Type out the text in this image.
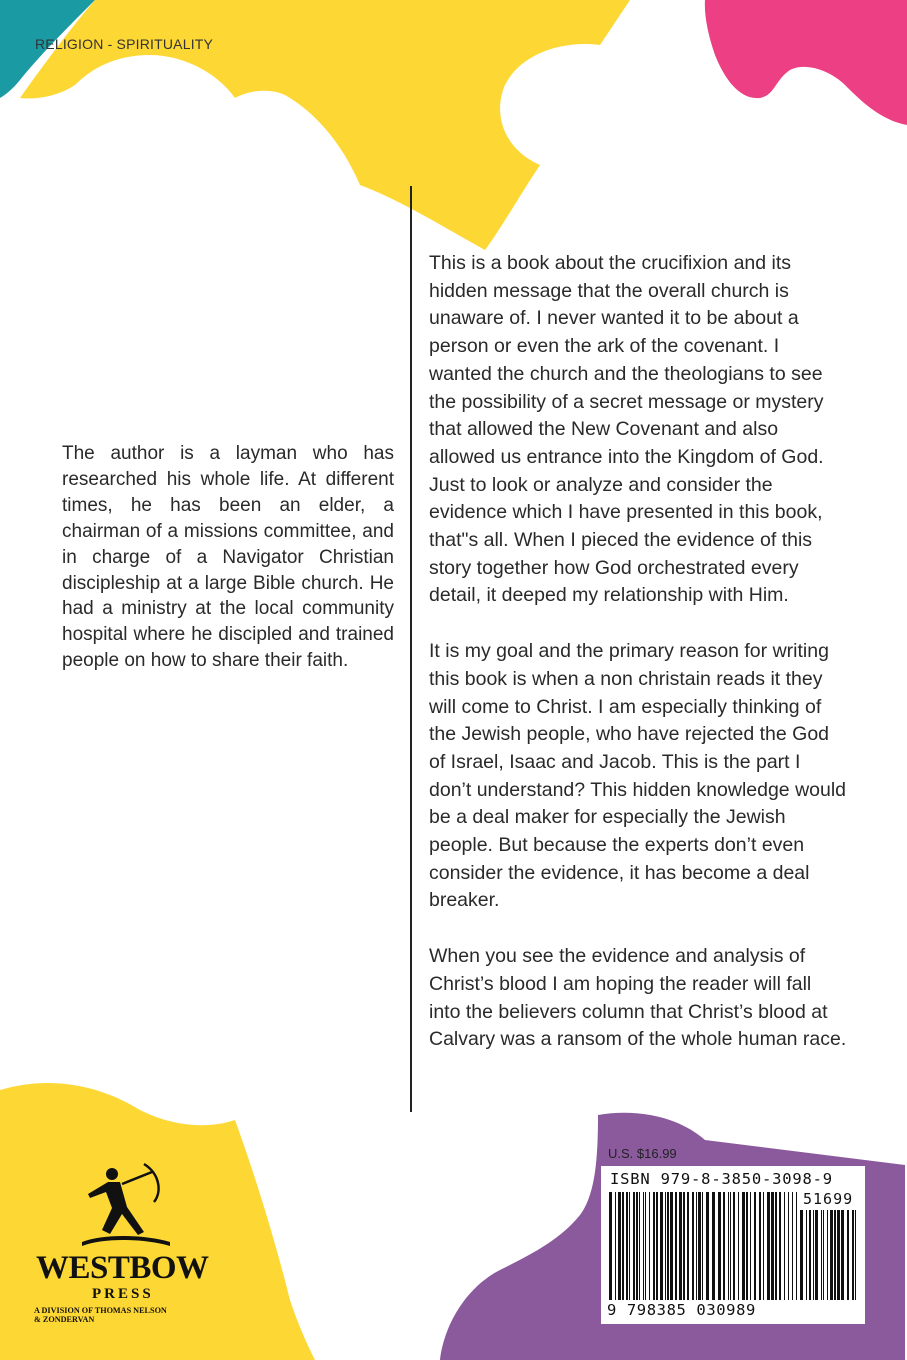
RELIGION - SPIRITUALITY

The author is a layman who has researched his whole life. At different times, he has been an elder, a chairman of a missions committee, and in charge of a Navigator Christian discipleship at a large Bible church. He had a ministry at the local community hospital where he discipled and trained people on how to share their faith.

This is a book about the crucifixion and its hidden message that the overall church is unaware of. I never wanted it to be about a person or even the ark of the covenant. I wanted the church and the theologians to see the possibility of a secret message or mystery that allowed the New Covenant and also allowed us entrance into the Kingdom of God. Just to look or analyze and consider the evidence which I have presented in this book, that"s all. When I pieced the evidence of this story together how God orchestrated every detail, it deeped my relationship with Him.

It is my goal and the primary reason for writing this book is when a non christain reads it they will come to Christ. I am especially thinking of the Jewish people, who have rejected the God of Israel, Isaac and Jacob. This is the part I don’t understand? This hidden knowledge would be a deal maker for especially the Jewish people. But because the experts don’t even consider the evidence, it has become a deal breaker.

When you see the evidence and analysis of Christ’s blood I am hoping the reader will fall into the believers column that Christ’s blood at Calvary was a ransom of the whole human race.

U.S. $16.99
ISBN 979-8-3850-3098-9
51699
9 798385 030989
WESTBOW
PRESS
A DIVISION OF THOMAS NELSON
& ZONDERVAN
